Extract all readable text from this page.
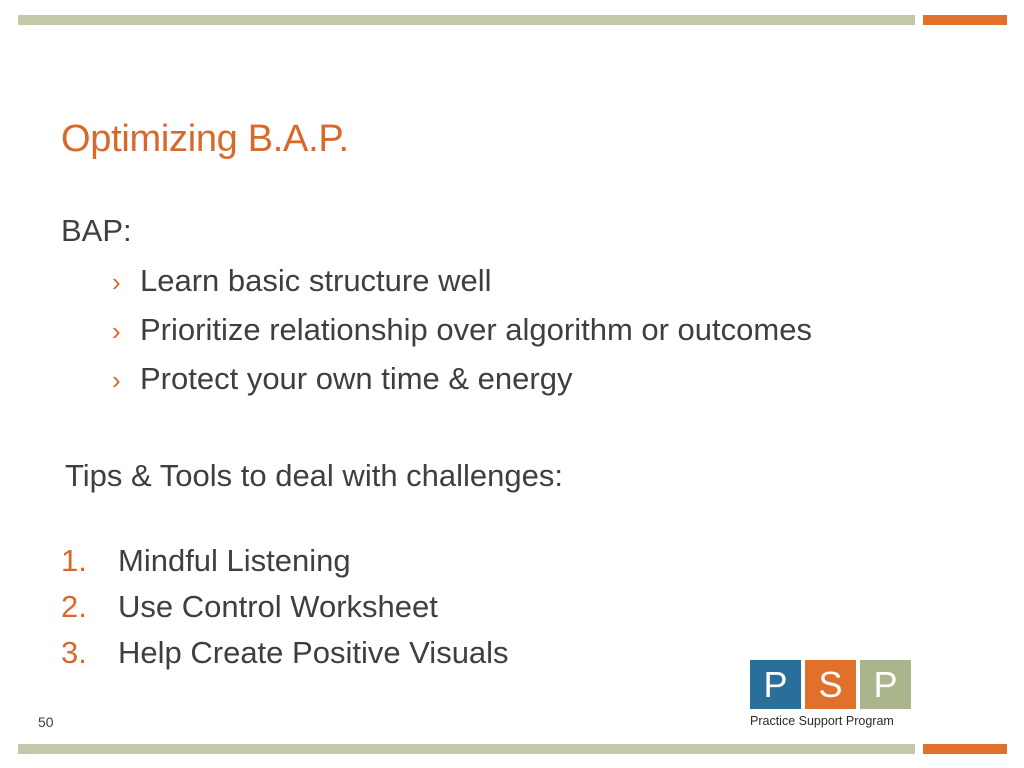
Optimizing B.A.P.
BAP:
› Learn basic structure well
› Prioritize relationship over algorithm or outcomes
› Protect your own time & energy
Tips & Tools to deal with challenges:
1. Mindful Listening
2. Use Control Worksheet
3. Help Create Positive Visuals
50
P S P
Practice Support Program
